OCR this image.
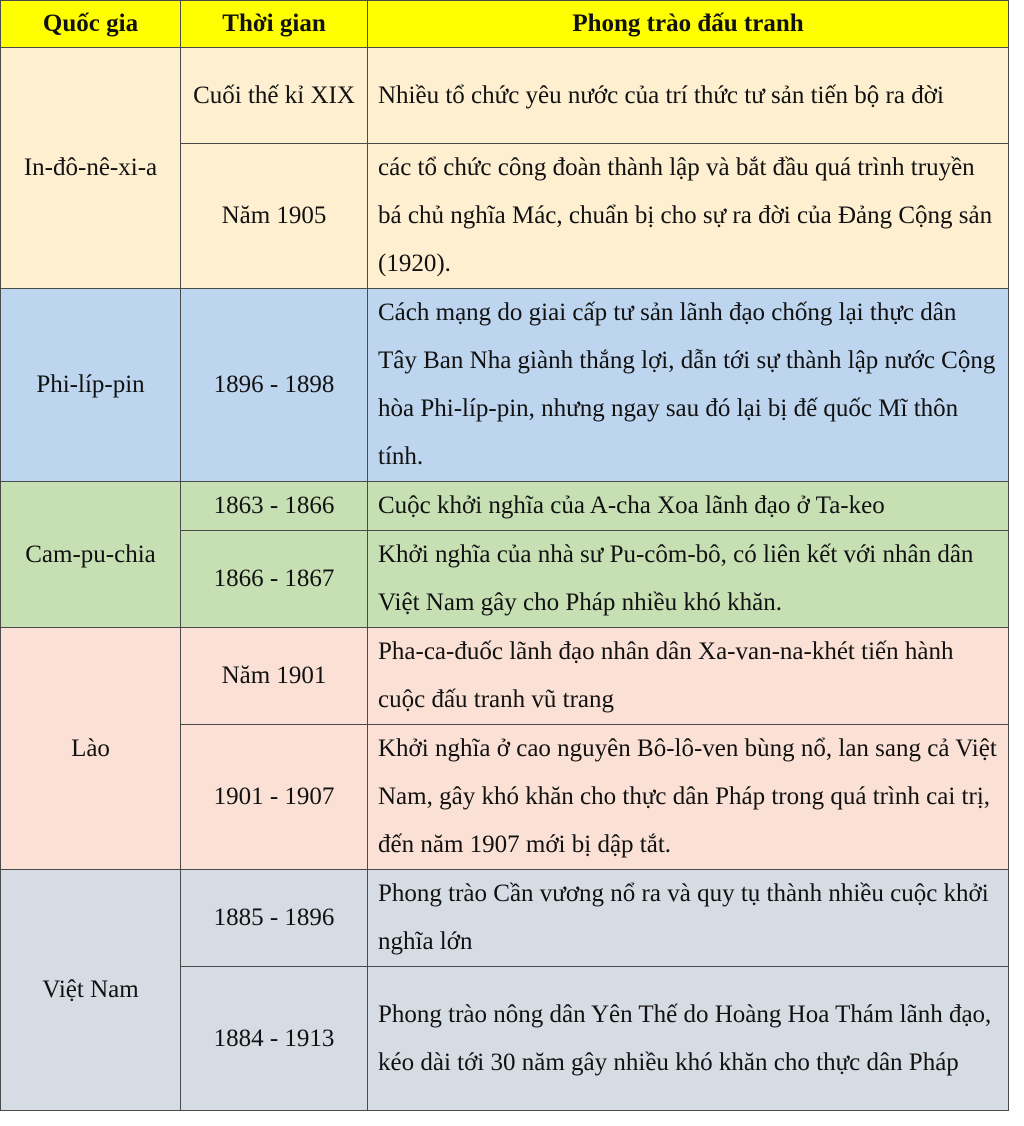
Quốc gia	Thời gian	Phong trào đấu tranh
In-đô-nê-xi-a	Cuối thế kỉ XIX	Nhiều tổ chức yêu nước của trí thức tư sản tiến bộ ra đời
	Năm 1905	các tổ chức công đoàn thành lập và bắt đầu quá trình truyền bá chủ nghĩa Mác, chuẩn bị cho sự ra đời của Đảng Cộng sản (1920).
Phi-líp-pin	1896 - 1898	Cách mạng do giai cấp tư sản lãnh đạo chống lại thực dân Tây Ban Nha giành thắng lợi, dẫn tới sự thành lập nước Cộng hòa Phi-líp-pin, nhưng ngay sau đó lại bị đế quốc Mĩ thôn tính.
Cam-pu-chia	1863 - 1866	Cuộc khởi nghĩa của A-cha Xoa lãnh đạo ở Ta-keo
	1866 - 1867	Khởi nghĩa của nhà sư Pu-côm-bô, có liên kết với nhân dân Việt Nam gây cho Pháp nhiều khó khăn.
Lào	Năm 1901	Pha-ca-đuốc lãnh đạo nhân dân Xa-van-na-khét tiến hành cuộc đấu tranh vũ trang
	1901 - 1907	Khởi nghĩa ở cao nguyên Bô-lô-ven bùng nổ, lan sang cả Việt Nam, gây khó khăn cho thực dân Pháp trong quá trình cai trị, đến năm 1907 mới bị dập tắt.
Việt Nam	1885 - 1896	Phong trào Cần vương nổ ra và quy tụ thành nhiều cuộc khởi nghĩa lớn
	1884 - 1913	Phong trào nông dân Yên Thế do Hoàng Hoa Thám lãnh đạo, kéo dài tới 30 năm gây nhiều khó khăn cho thực dân Pháp
